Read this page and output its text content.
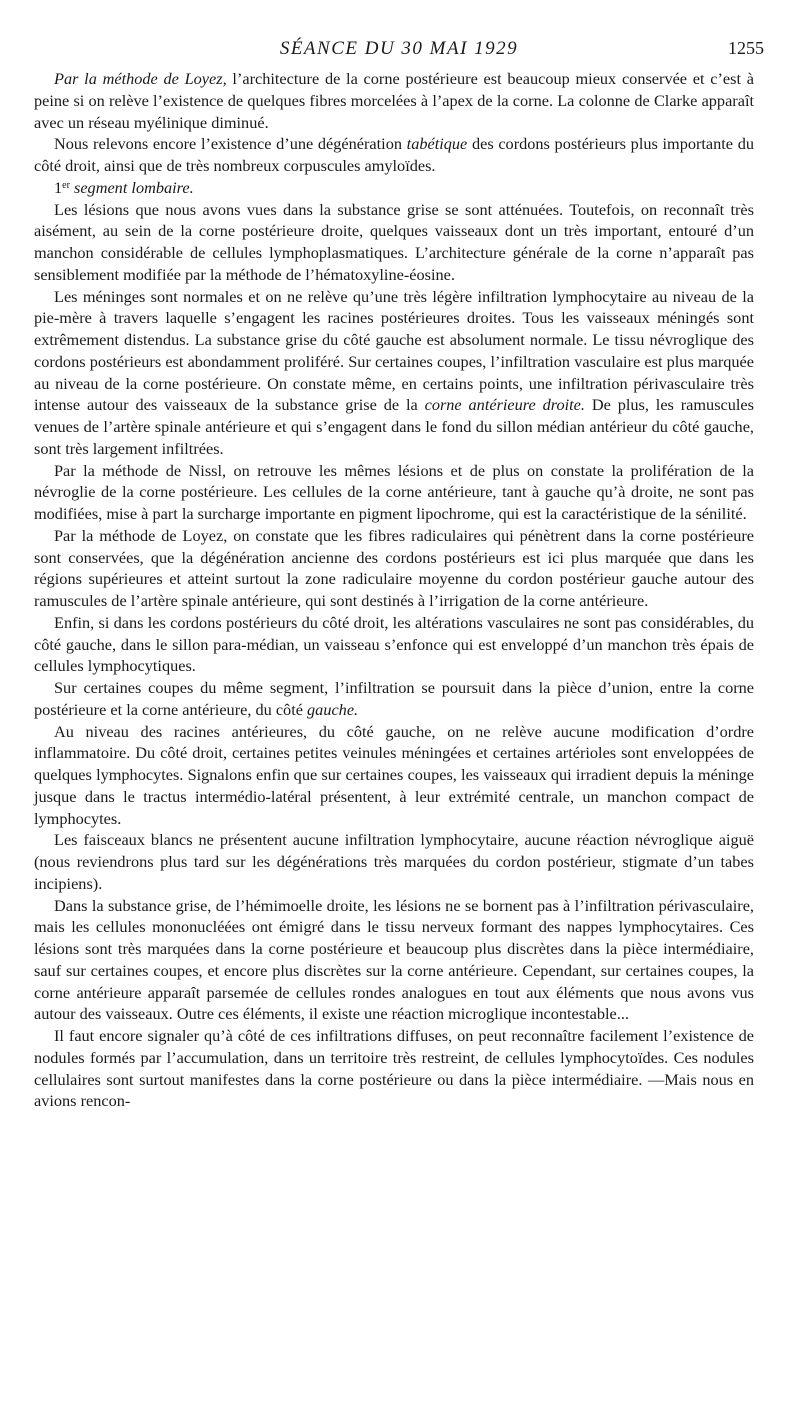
SÉANCE DU 30 MAI 1929	1255

Par la méthode de Loyez, l’architecture de la corne postérieure est beaucoup mieux conservée et c’est à peine si on relève l’existence de quelques fibres morcelées à l’apex de la corne. La colonne de Clarke apparaît avec un réseau myélinique diminué.

Nous relevons encore l’existence d’une dégénération tabétique des cordons postérieurs plus importante du côté droit, ainsi que de très nombreux corpuscules amyloïdes.

1er segment lombaire.

Les lésions que nous avons vues dans la substance grise se sont atténuées. Toutefois, on reconnaît très aisément, au sein de la corne postérieure droite, quelques vaisseaux dont un très important, entouré d’un manchon considérable de cellules lymphoplasmatiques. L’architecture générale de la corne n’apparaît pas sensiblement modifiée par la méthode de l’hématoxyline-éosine.

Les méninges sont normales et on ne relève qu’une très légère infiltration lymphocytaire au niveau de la pie-mère à travers laquelle s’engagent les racines postérieures droites. Tous les vaisseaux méningés sont extrêmement distendus. La substance grise du côté gauche est absolument normale. Le tissu névroglique des cordons postérieurs est abondamment proliféré. Sur certaines coupes, l’infiltration vasculaire est plus marquée au niveau de la corne postérieure. On constate même, en certains points, une infiltration périvasculaire très intense autour des vaisseaux de la substance grise de la corne antérieure droite. De plus, les ramuscules venues de l’artère spinale antérieure et qui s’engagent dans le fond du sillon médian antérieur du côté gauche, sont très largement infiltrées.

Par la méthode de Nissl, on retrouve les mêmes lésions et de plus on constate la prolifération de la névroglie de la corne postérieure. Les cellules de la corne antérieure, tant à gauche qu’à droite, ne sont pas modifiées, mise à part la surcharge importante en pigment lipochrome, qui est la caractéristique de la sénilité.

Par la méthode de Loyez, on constate que les fibres radiculaires qui pénètrent dans la corne postérieure sont conservées, que la dégénération ancienne des cordons postérieurs est ici plus marquée que dans les régions supérieures et atteint surtout la zone radiculaire moyenne du cordon postérieur gauche autour des ramuscules de l’artère spinale antérieure, qui sont destinés à l’irrigation de la corne antérieure.

Enfin, si dans les cordons postérieurs du côté droit, les altérations vasculaires ne sont pas considérables, du côté gauche, dans le sillon para-médian, un vaisseau s’enfonce qui est enveloppé d’un manchon très épais de cellules lymphocytiques.

Sur certaines coupes du même segment, l’infiltration se poursuit dans la pièce d’union, entre la corne postérieure et la corne antérieure, du côté gauche.

Au niveau des racines antérieures, du côté gauche, on ne relève aucune modification d’ordre inflammatoire. Du côté droit, certaines petites veinules méningées et certaines artérioles sont enveloppées de quelques lymphocytes. Signalons enfin que sur certaines coupes, les vaisseaux qui irradient depuis la méninge jusque dans le tractus intermédio-latéral présentent, à leur extrémité centrale, un manchon compact de lymphocytes.

Les faisceaux blancs ne présentent aucune infiltration lymphocytaire, aucune réaction névroglique aiguë (nous reviendrons plus tard sur les dégénérations très marquées du cordon postérieur, stigmate d’un tabes incipiens).

Dans la substance grise, de l’hémimoelle droite, les lésions ne se bornent pas à l’infiltration périvasculaire, mais les cellules mononucléées ont émigré dans le tissu nerveux formant des nappes lymphocytaires. Ces lésions sont très marquées dans la corne postérieure et beaucoup plus discrètes dans la pièce intermédiaire, sauf sur certaines coupes, et encore plus discrètes sur la corne antérieure. Cependant, sur certaines coupes, la corne antérieure apparaît parsemée de cellules rondes analogues en tout aux éléments que nous avons vus autour des vaisseaux. Outre ces éléments, il existe une réaction microglique incontestable...

Il faut encore signaler qu’à côté de ces infiltrations diffuses, on peut reconnaître facilement l’existence de nodules formés par l’accumulation, dans un territoire très restreint, de cellules lymphocytoïdes. Ces nodules cellulaires sont surtout manifestes dans la corne postérieure ou dans la pièce intermédiaire. —Mais nous en avions rencon-
